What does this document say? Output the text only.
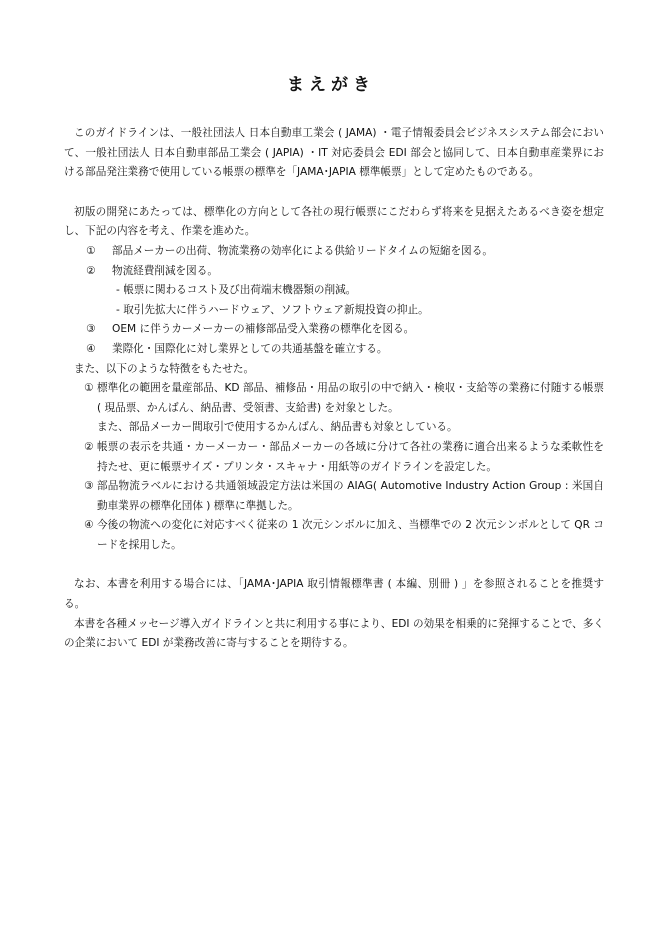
まえがき

このガイドラインは、一般社団法人 日本自動車工業会 ( JAMA) ・電子情報委員会ビジネスシステム部会において、一般社団法人 日本自動車部品工業会 ( JAPIA) ・IT 対応委員会 EDI 部会と協同して、日本自動車産業界における部品発注業務で使用している帳票の標準を「JAMA･JAPIA 標準帳票」として定めたものである。

初版の開発にあたっては、標準化の方向として各社の現行帳票にこだわらず将来を見据えたあるべき姿を想定し、下記の内容を考え、作業を進めた。

①	部品メーカーの出荷、物流業務の効率化による供給リードタイムの短縮を図る。
②	物流経費削減を図る。
- 帳票に関わるコスト及び出荷端末機器類の削減。
- 取引先拡大に伴うハードウェア、ソフトウェア新規投資の抑止。
③	OEM に伴うカーメーカーの補修部品受入業務の標準化を図る。
④	業際化・国際化に対し業界としての共通基盤を確立する。

また、以下のような特徴をもたせた。

① 標準化の範囲を量産部品、KD 部品、補修品・用品の取引の中で納入・検収・支給等の業務に付随する帳票( 現品票、かんばん、納品書、受領書、支給書) を対象とした。

また、部品メーカー間取引で使用するかんばん、納品書も対象としている。

② 帳票の表示を共通・カーメーカー・部品メーカーの各域に分けて各社の業務に適合出来るような柔軟性を持たせ、更に帳票サイズ・プリンタ・スキャナ・用紙等のガイドラインを設定した。
③ 部品物流ラベルにおける共通領域設定方法は米国の AIAG( Automotive Industry Action Group : 米国自動車業界の標準化団体 ) 標準に準拠した。
④ 今後の物流への変化に対応すべく従来の 1 次元シンボルに加え、当標準での 2 次元シンボルとして QR コードを採用した。

なお、本書を利用する場合には、「JAMA･JAPIA 取引情報標準書 ( 本編、別冊 ) 」を参照されることを推奨する。

本書を各種メッセージ導入ガイドラインと共に利用する事により、EDI の効果を相乗的に発揮することで、多くの企業において EDI が業務改善に寄与することを期待する。
